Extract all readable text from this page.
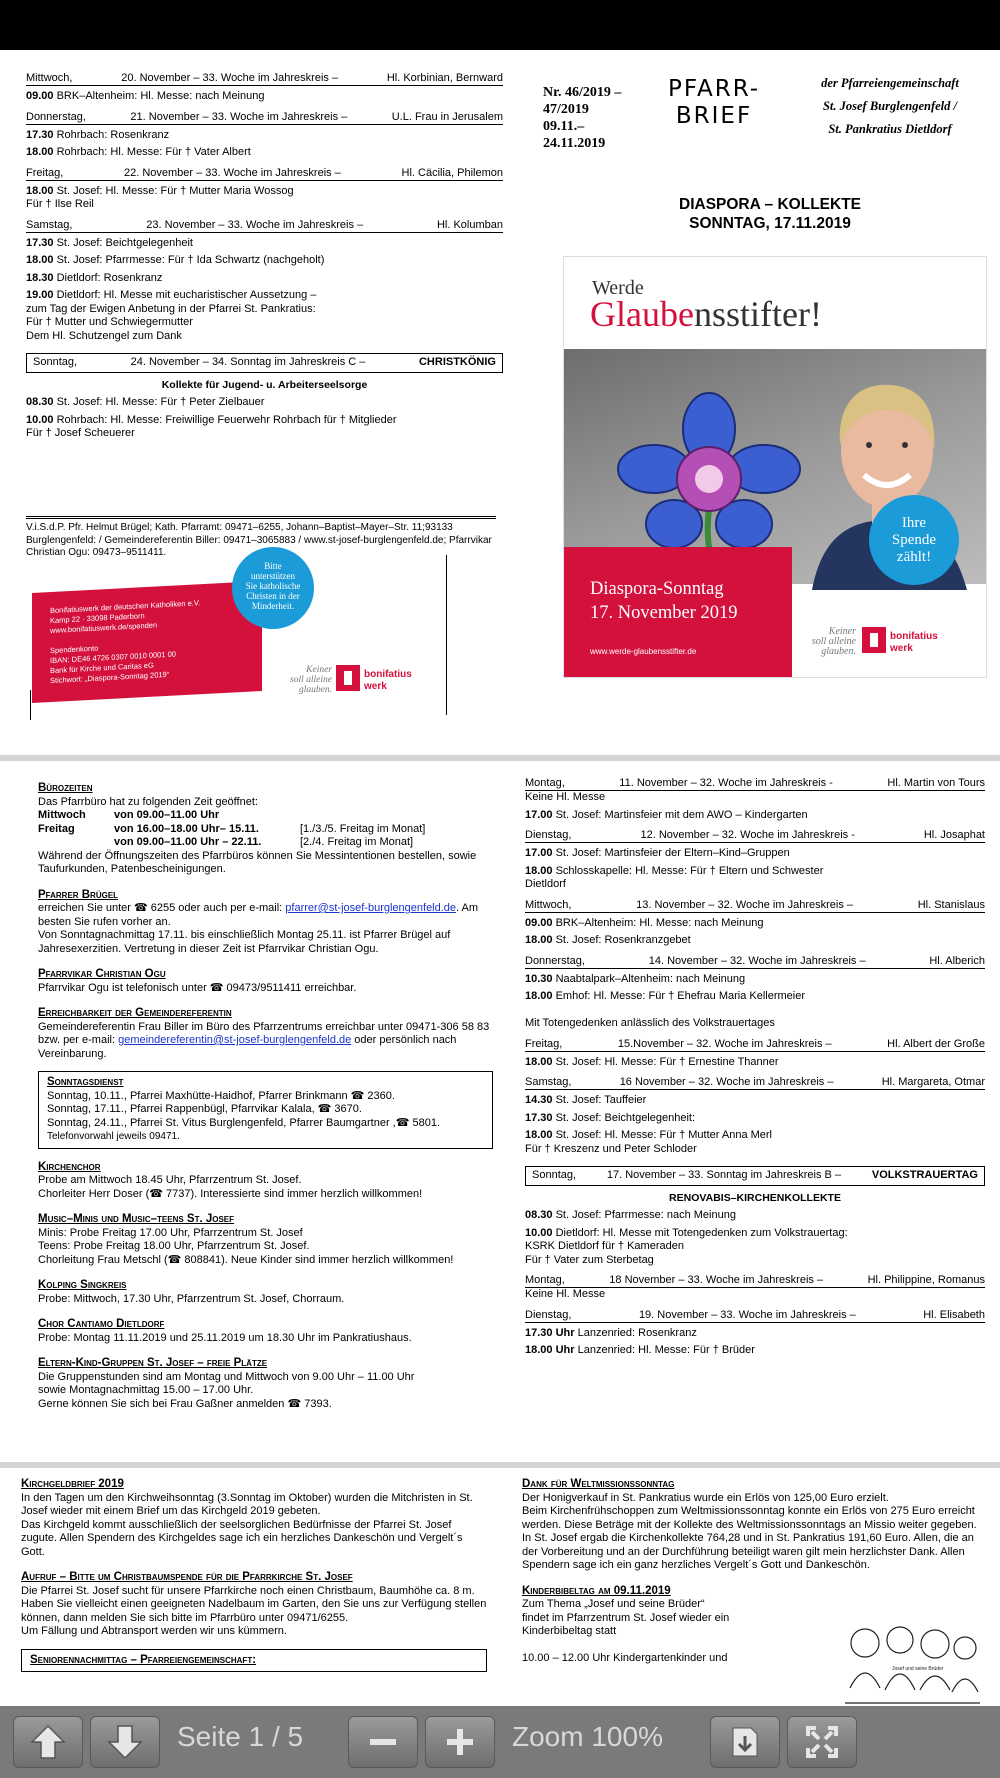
Mittwoch,	20. November – 33. Woche im Jahreskreis –	Hl. Korbinian, Bernward
09.00 BRK–Altenheim: Hl. Messe: nach Meinung
Donnerstag,	21. November – 33. Woche im Jahreskreis –	U.L. Frau in Jerusalem
17.30 Rohrbach: Rosenkranz
18.00 Rohrbach: Hl. Messe: Für † Vater Albert
Freitag,	22. November – 33. Woche im Jahreskreis –	Hl. Cäcilia, Philemon
18.00 St. Josef: Hl. Messe: Für † Mutter Maria Wossog
Für † Ilse Reil
Samstag,	23. November – 33. Woche im Jahreskreis –	Hl. Kolumban
17.30 St. Josef: Beichtgelegenheit
18.00 St. Josef: Pfarrmesse: Für † Ida Schwartz (nachgeholt)
18.30 Dietldorf: Rosenkranz
19.00 Dietldorf: Hl. Messe mit eucharistischer Aussetzung –
zum Tag der Ewigen Anbetung in der Pfarrei St. Pankratius:
Für † Mutter und Schwiegermutter
Dem Hl. Schutzengel zum Dank
Sonntag,	24. November – 34. Sonntag im Jahreskreis C –	CHRISTKÖNIG
Kollekte für Jugend- u. Arbeiterseelsorge
08.30 St. Josef: Hl. Messe: Für † Peter Zielbauer
10.00 Rohrbach: Hl. Messe: Freiwillige Feuerwehr Rohrbach für † Mitglieder
Für † Josef Scheuerer
Nr. 46/2019 –
47/2019
09.11.–
24.11.2019
PFARR-
BRIEF
der Pfarreiengemeinschaft
St. Josef Burglengenfeld /
St. Pankratius Dietldorf
DIASPORA – KOLLEKTE
SONNTAG, 17.11.2019
Werde
Glaubensstifter!
Diaspora-Sonntag
17. November 2019
www.werde-glaubensstifter.de
Ihre
Spende
zählt!
Keiner
soll alleine
glauben.
bonifatius
werk
V.i.S.d.P. Pfr. Helmut Brügel; Kath. Pfarramt: 09471–6255, Johann–Baptist–Mayer–Str. 11;93133 Burglengenfeld: / Gemeindereferentin Biller: 09471–3065883 / www.st-josef-burglengenfeld.de; Pfarrvikar Christian Ogu: 09473–9511411.
Bonifatiuswerk der deutschen Katholiken e.V.
Kamp 22 · 33098 Paderborn
www.bonifatiuswerk.de/spenden

Spendenkonto
IBAN: DE46 4726 0307 0010 0001 00
Bank für Kirche und Caritas eG
Stichwort: „Diaspora-Sonntag 2019“
Bitte
unterstützen
Sie katholische
Christen in der
Minderheit.
Keiner
soll alleine
glauben.
bonifatius
werk
Bürozeiten
Das Pfarrbüro hat zu folgenden Zeit geöffnet:
Mittwoch	von 09.00–11.00 Uhr
Freitag	von 16.00–18.00 Uhr– 15.11.	[1./3./5. Freitag im Monat]
von 09.00–11.00 Uhr – 22.11.	[2./4. Freitag im Monat]
Während der Öffnungszeiten des Pfarrbüros können Sie Messintentionen bestellen, sowie Taufurkunden, Patenbescheinigungen.
Pfarrer Brügel
erreichen Sie unter ☎ 6255 oder auch per e-mail: pfarrer@st-josef-burglengenfeld.de. Am besten Sie rufen vorher an.
Von Sonntagnachmittag 17.11. bis einschließlich Montag 25.11. ist Pfarrer Brügel auf Jahresexerzitien. Vertretung in dieser Zeit ist Pfarrvikar Christian Ogu.
Pfarrvikar Christian Ogu
Pfarrvikar Ogu ist telefonisch unter ☎ 09473/9511411 erreichbar.
Erreichbarkeit der Gemeindereferentin
Gemeindereferentin Frau Biller im Büro des Pfarrzentrums erreichbar unter 09471-306 58 83 bzw. per e-mail: gemeindereferentin@st-josef-burglengenfeld.de oder persönlich nach Vereinbarung.
Sonntagsdienst
Sonntag, 10.11., Pfarrei Maxhütte-Haidhof, Pfarrer Brinkmann ☎ 2360.
Sonntag, 17.11., Pfarrei Rappenbügl, Pfarrvikar Kalala, ☎ 3670.
Sonntag, 24.11., Pfarrei St. Vitus Burglengenfeld, Pfarrer Baumgartner ,☎ 5801.
Telefonvorwahl jeweils 09471.
Kirchenchor
Probe am Mittwoch 18.45 Uhr, Pfarrzentrum St. Josef.
Chorleiter Herr Doser (☎ 7737). Interessierte sind immer herzlich willkommen!
Music–Minis und Music–teens St. Josef
Minis: Probe Freitag 17.00 Uhr, Pfarrzentrum St. Josef
Teens: Probe Freitag 18.00 Uhr, Pfarrzentrum St. Josef.
Chorleitung Frau Metschl (☎ 808841). Neue Kinder sind immer herzlich willkommen!
Kolping Singkreis
Probe: Mittwoch, 17.30 Uhr, Pfarrzentrum St. Josef, Chorraum.
Chor Cantiamo Dietldorf
Probe: Montag 11.11.2019 und 25.11.2019 um 18.30 Uhr im Pankratiushaus.
Eltern-Kind-Gruppen St. Josef – freie Plätze
Die Gruppenstunden sind am Montag und Mittwoch von 9.00 Uhr – 11.00 Uhr
sowie Montagnachmittag 15.00 – 17.00 Uhr.
Gerne können Sie sich bei Frau Gaßner anmelden ☎ 7393.
Montag,	11. November – 32. Woche im Jahreskreis -	Hl. Martin von Tours
Keine Hl. Messe
17.00 St. Josef: Martinsfeier mit dem AWO – Kindergarten
Dienstag,	12. November – 32. Woche im Jahreskreis -	Hl. Josaphat
17.00 St. Josef: Martinsfeier der Eltern–Kind–Gruppen
18.00 Schlosskapelle: Hl. Messe: Für † Eltern und Schwester
Dietldorf
Mittwoch,	13. November – 32. Woche im Jahreskreis –	Hl. Stanislaus
09.00 BRK–Altenheim: Hl. Messe: nach Meinung
18.00 St. Josef: Rosenkranzgebet
Donnerstag,	14. November – 32. Woche im Jahreskreis –	Hl. Alberich
10.30 Naabtalpark–Altenheim: nach Meinung
18.00 Emhof: Hl. Messe: Für † Ehefrau Maria Kellermeier

Mit Totengedenken anlässlich des Volkstrauertages
Freitag,	15.November – 32. Woche im Jahreskreis –	Hl. Albert der Große
18.00 St. Josef: Hl. Messe: Für † Ernestine Thanner
Samstag,	16 November – 32. Woche im Jahreskreis –	Hl. Margareta, Otmar
14.30 St. Josef: Tauffeier
17.30 St. Josef: Beichtgelegenheit:
18.00 St. Josef: Hl. Messe: Für † Mutter Anna Merl
Für † Kreszenz und Peter Schloder
Sonntag,	17. November – 33. Sonntag im Jahreskreis B –	VOLKSTRAUERTAG
RENOVABIS–KIRCHENKOLLEKTE
08.30 St. Josef: Pfarrmesse: nach Meinung
10.00 Dietldorf: Hl. Messe mit Totengedenken zum Volkstrauertag:
KSRK Dietldorf für † Kameraden
Für † Vater zum Sterbetag
Montag,	18 November – 33. Woche im Jahreskreis –	Hl. Philippine, Romanus
Keine Hl. Messe
Dienstag,	19. November – 33. Woche im Jahreskreis –	Hl. Elisabeth
17.30 Uhr Lanzenried: Rosenkranz
18.00 Uhr Lanzenried: Hl. Messe: Für † Brüder
Kirchgeldbrief 2019
In den Tagen um den Kirchweihsonntag (3.Sonntag im Oktober) wurden die Mitchristen in St. Josef wieder mit einem Brief um das Kirchgeld 2019 gebeten.
Das Kirchgeld kommt ausschließlich der seelsorglichen Bedürfnisse der Pfarrei St. Josef zugute. Allen Spendern des Kirchgeldes sage ich ein herzliches Dankeschön und Vergelt´s Gott.
Aufruf – Bitte um Christbaumspende für die Pfarrkirche St. Josef
Die Pfarrei St. Josef sucht für unsere Pfarrkirche noch einen Christbaum, Baumhöhe ca. 8 m. Haben Sie vielleicht einen geeigneten Nadelbaum im Garten, den Sie uns zur Verfügung stellen können, dann melden Sie sich bitte im Pfarrbüro unter 09471/6255.
Um Fällung und Abtransport werden wir uns kümmern.
Seniorennachmittag – Pfarreiengemeinschaft:
Dank für Weltmissionssonntag
Der Honigverkauf in St. Pankratius wurde ein Erlös von 125,00 Euro erzielt.
Beim Kirchenfrühschoppen zum Weltmissionssonntag konnte ein Erlös von 275 Euro erreicht werden. Diese Beträge mit der Kollekte des Weltmissionssonntags an Missio weiter gegeben. In St. Josef ergab die Kirchenkollekte 764,28 und in St. Pankratius 191,60 Euro. Allen, die an der Vorbereitung und an der Durchführung beteiligt waren gilt mein herzlichster Dank. Allen Spendern sage ich ein ganz herzliches Vergelt´s Gott und Dankeschön.
Kinderbibeltag am 09.11.2019
Zum Thema „Josef und seine Brüder“
findet im Pfarrzentrum St. Josef wieder ein
Kinderbibeltag statt

10.00 – 12.00 Uhr Kindergartenkinder und
Josef und seine Brüder
Seite 1 / 5	Zoom 100%
